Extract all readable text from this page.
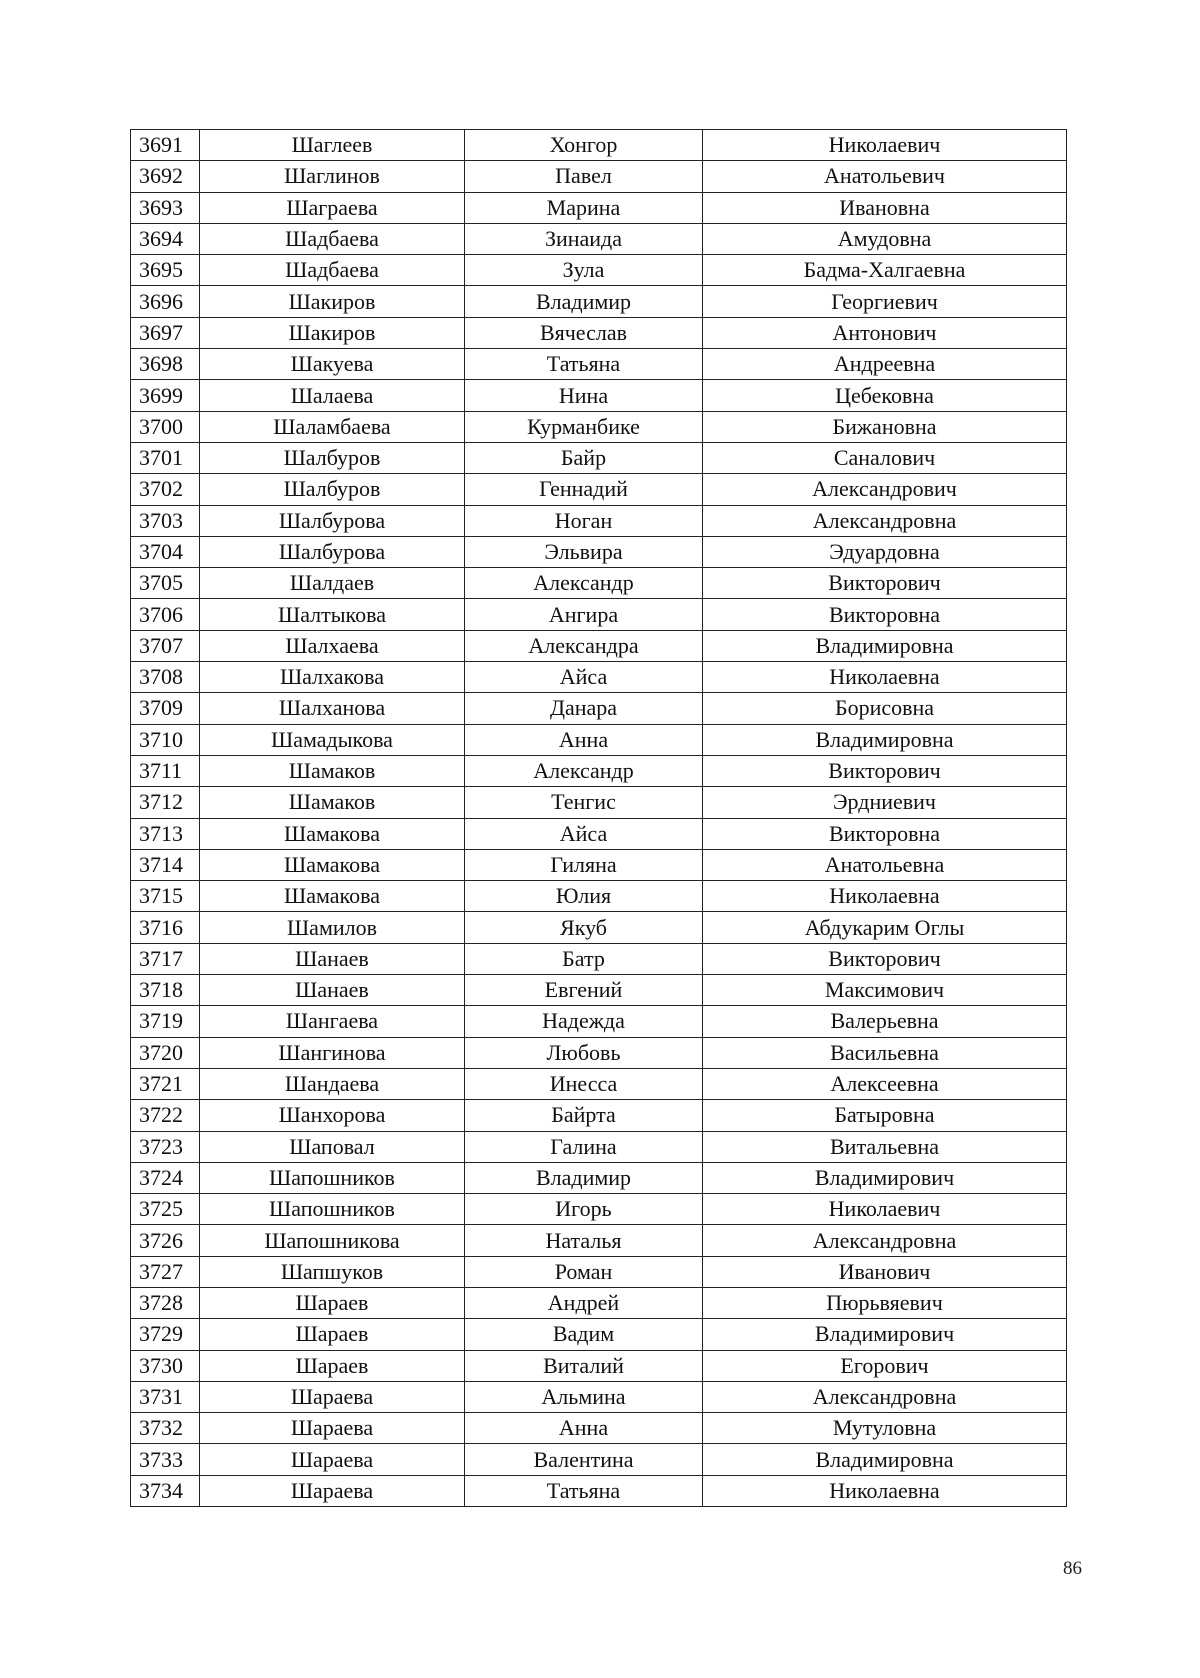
3691	Шаглеев	Хонгор	Николаевич
3692	Шаглинов	Павел	Анатольевич
3693	Шаграева	Марина	Ивановна
3694	Шадбаева	Зинаида	Амудовна
3695	Шадбаева	Зула	Бадма-Халгаевна
3696	Шакиров	Владимир	Георгиевич
3697	Шакиров	Вячеслав	Антонович
3698	Шакуева	Татьяна	Андреевна
3699	Шалаева	Нина	Цебековна
3700	Шаламбаева	Курманбике	Бижановна
3701	Шалбуров	Байр	Саналович
3702	Шалбуров	Геннадий	Александрович
3703	Шалбурова	Ноган	Александровна
3704	Шалбурова	Эльвира	Эдуардовна
3705	Шалдаев	Александр	Викторович
3706	Шалтыкова	Ангира	Викторовна
3707	Шалхаева	Александра	Владимировна
3708	Шалхакова	Айса	Николаевна
3709	Шалханова	Данара	Борисовна
3710	Шамадыкова	Анна	Владимировна
3711	Шамаков	Александр	Викторович
3712	Шамаков	Тенгис	Эрдниевич
3713	Шамакова	Айса	Викторовна
3714	Шамакова	Гиляна	Анатольевна
3715	Шамакова	Юлия	Николаевна
3716	Шамилов	Якуб	Абдукарим Оглы
3717	Шанаев	Батр	Викторович
3718	Шанаев	Евгений	Максимович
3719	Шангаева	Надежда	Валерьевна
3720	Шангинова	Любовь	Васильевна
3721	Шандаева	Инесса	Алексеевна
3722	Шанхорова	Байрта	Батыровна
3723	Шаповал	Галина	Витальевна
3724	Шапошников	Владимир	Владимирович
3725	Шапошников	Игорь	Николаевич
3726	Шапошникова	Наталья	Александровна
3727	Шапшуков	Роман	Иванович
3728	Шараев	Андрей	Пюрьвяевич
3729	Шараев	Вадим	Владимирович
3730	Шараев	Виталий	Егорович
3731	Шараева	Альмина	Александровна
3732	Шараева	Анна	Мутуловна
3733	Шараева	Валентина	Владимировна
3734	Шараева	Татьяна	Николаевна
86
